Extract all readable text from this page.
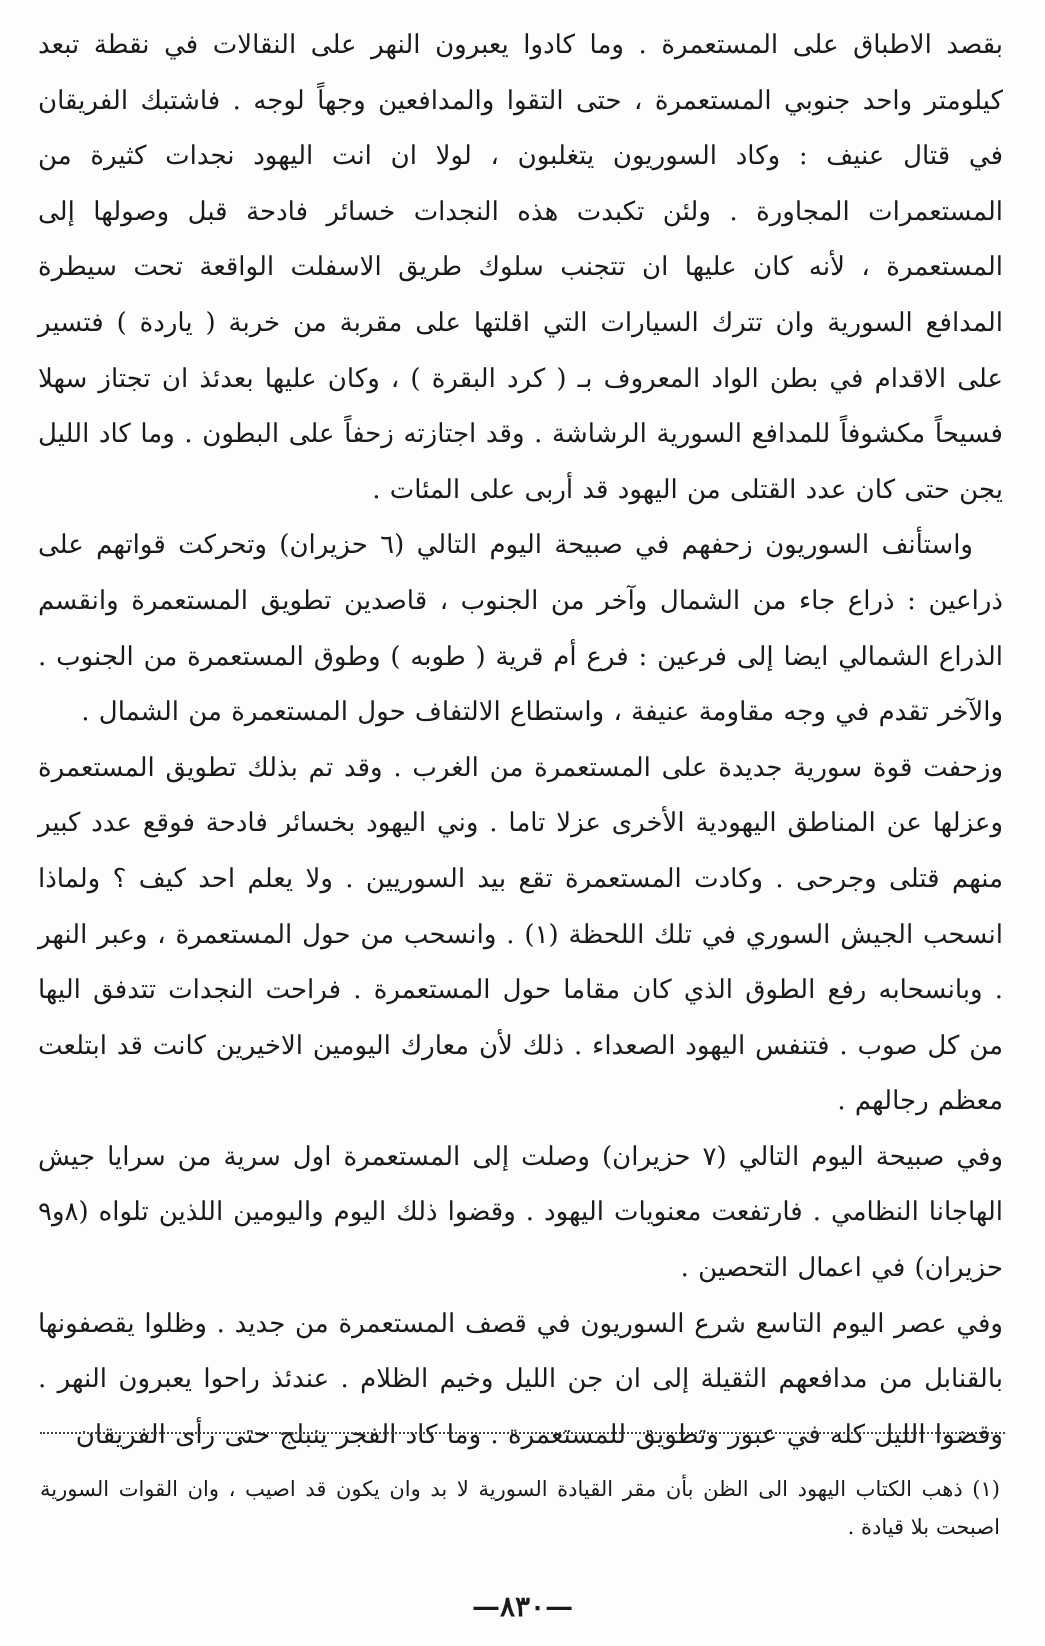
بقصد الاطباق على المستعمرة . وما كادوا يعبرون النهر على النقالات في نقطة تبعد كيلومتر واحد جنوبي المستعمرة ، حتى التقوا والمدافعين وجهاً لوجه . فاشتبك الفريقان في قتال عنيف : وكاد السوريون يتغلبون ، لولا ان انت اليهود نجدات كثيرة من المستعمرات المجاورة . ولئن تكبدت هذه النجدات خسائر فادحة قبل وصولها إلى المستعمرة ، لأنه كان عليها ان تتجنب سلوك طريق الاسفلت الواقعة تحت سيطرة المدافع السورية وان تترك السيارات التي اقلتها على مقربة من خربة ( ياردة ) فتسير على الاقدام في بطن الواد المعروف بـ ( كرد البقرة ) ، وكان عليها بعدئذ ان تجتاز سهلا فسيحاً مكشوفاً للمدافع السورية الرشاشة . وقد اجتازته زحفاً على البطون . وما كاد الليل يجن حتى كان عدد القتلى من اليهود قد أربى على المئات .

واستأنف السوريون زحفهم في صبيحة اليوم التالي (٦ حزيران) وتحركت قواتهم على ذراعين : ذراع جاء من الشمال وآخر من الجنوب ، قاصدين تطويق المستعمرة وانقسم الذراع الشمالي ايضا إلى فرعين : فرع أم قرية ( طوبه ) وطوق المستعمرة من الجنوب . والآخر تقدم في وجه مقاومة عنيفة ، واستطاع الالتفاف حول المستعمرة من الشمال .

وزحفت قوة سورية جديدة على المستعمرة من الغرب . وقد تم بذلك تطويق المستعمرة وعزلها عن المناطق اليهودية الأخرى عزلا تاما . وني اليهود بخسائر فادحة فوقع عدد كبير منهم قتلى وجرحى . وكادت المستعمرة تقع بيد السوريين . ولا يعلم احد كيف ؟ ولماذا انسحب الجيش السوري في تلك اللحظة (١) . وانسحب من حول المستعمرة ، وعبر النهر . وبانسحابه رفع الطوق الذي كان مقاما حول المستعمرة . فراحت النجدات تتدفق اليها من كل صوب . فتنفس اليهود الصعداء . ذلك لأن معارك اليومين الاخيرين كانت قد ابتلعت معظم رجالهم .

وفي صبيحة اليوم التالي (٧ حزيران) وصلت إلى المستعمرة اول سرية من سرايا جيش الهاجانا النظامي . فارتفعت معنويات اليهود . وقضوا ذلك اليوم واليومين اللذين تلواه (٨و٩ حزيران) في اعمال التحصين .

وفي عصر اليوم التاسع شرع السوريون في قصف المستعمرة من جديد . وظلوا يقصفونها بالقنابل من مدافعهم الثقيلة إلى ان جن الليل وخيم الظلام . عندئذ راحوا يعبرون النهر . وقضوا الليل كله في عبور وتطويق للمستعمرة . وما كاد الفجر ينبلج حتى رأى الفريقان

(١) ذهب الكتاب اليهود الى الظن بأن مقر القيادة السورية لا بد وان يكون قد اصيب ، وان القوات السورية اصبحت بلا قيادة .

—٨٣٠—
